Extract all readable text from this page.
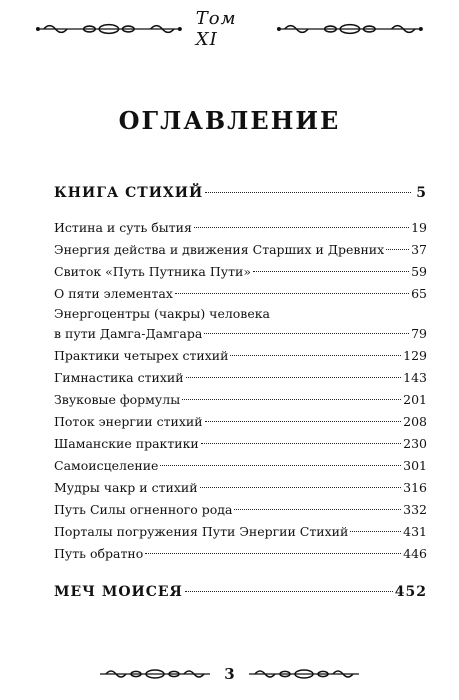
Том XI
ОГЛАВЛЕНИЕ
КНИГА СТИХИЙ	5
Истина и суть бытия	19
Энергия действа и движения Старших и Древних 37
Свиток «Путь Путника Пути»	59
О пяти элементах	65
Энергоцентры (чакры) человека
в пути Дамга-Дамгара	79
Практики четырех стихий	129
Гимнастика стихий	143
Звуковые формулы	201
Поток энергии стихий	208
Шаманские практики	230
Самоисцеление	301
Мудры чакр и стихий	316
Путь Силы огненного рода	332
Порталы погружения Пути Энергии Стихий	431
Путь обратно	446
МЕЧ МОИСЕЯ	452
3
